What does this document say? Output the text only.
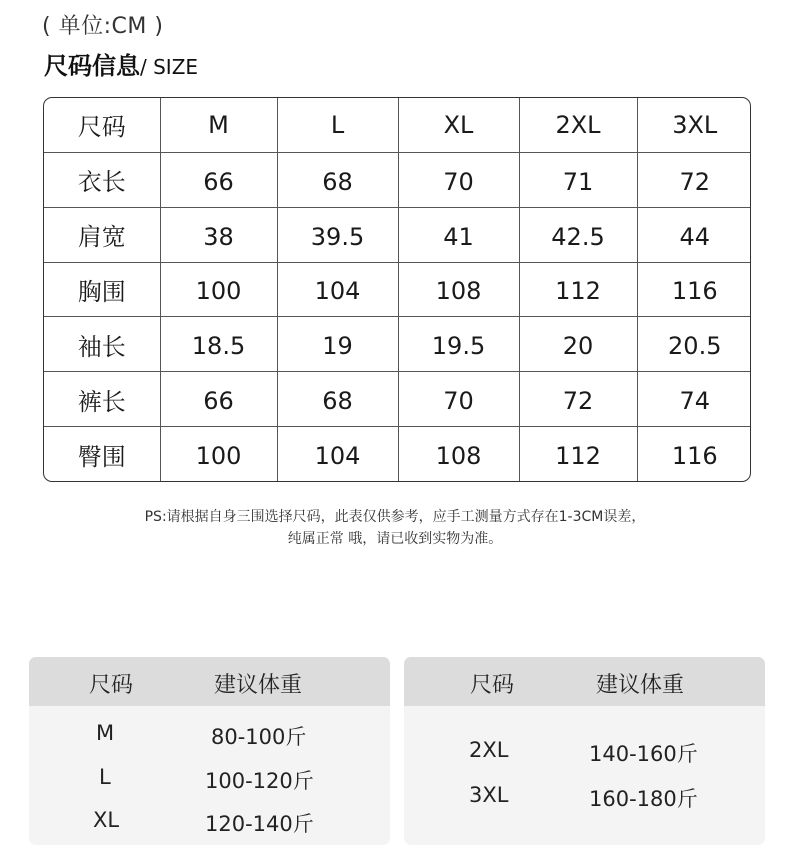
( 单位:CM )
尺码信息/ SIZE
尺码	M	L	XL	2XL	3XL
衣长	66	68	70	71	72
肩宽	38	39.5	41	42.5	44
胸围	100	104	108	112	116
袖长	18.5	19	19.5	20	20.5
裤长	66	68	70	72	74
臀围	100	104	108	112	116
PS:请根据自身三围选择尺码，此表仅供参考，应手工测量方式存在1-3CM误差，
纯属正常 哦，请已收到实物为准。
尺码	建议体重
M	80-100斤
L	100-120斤
XL	120-140斤
尺码	建议体重
2XL	140-160斤
3XL	160-180斤
